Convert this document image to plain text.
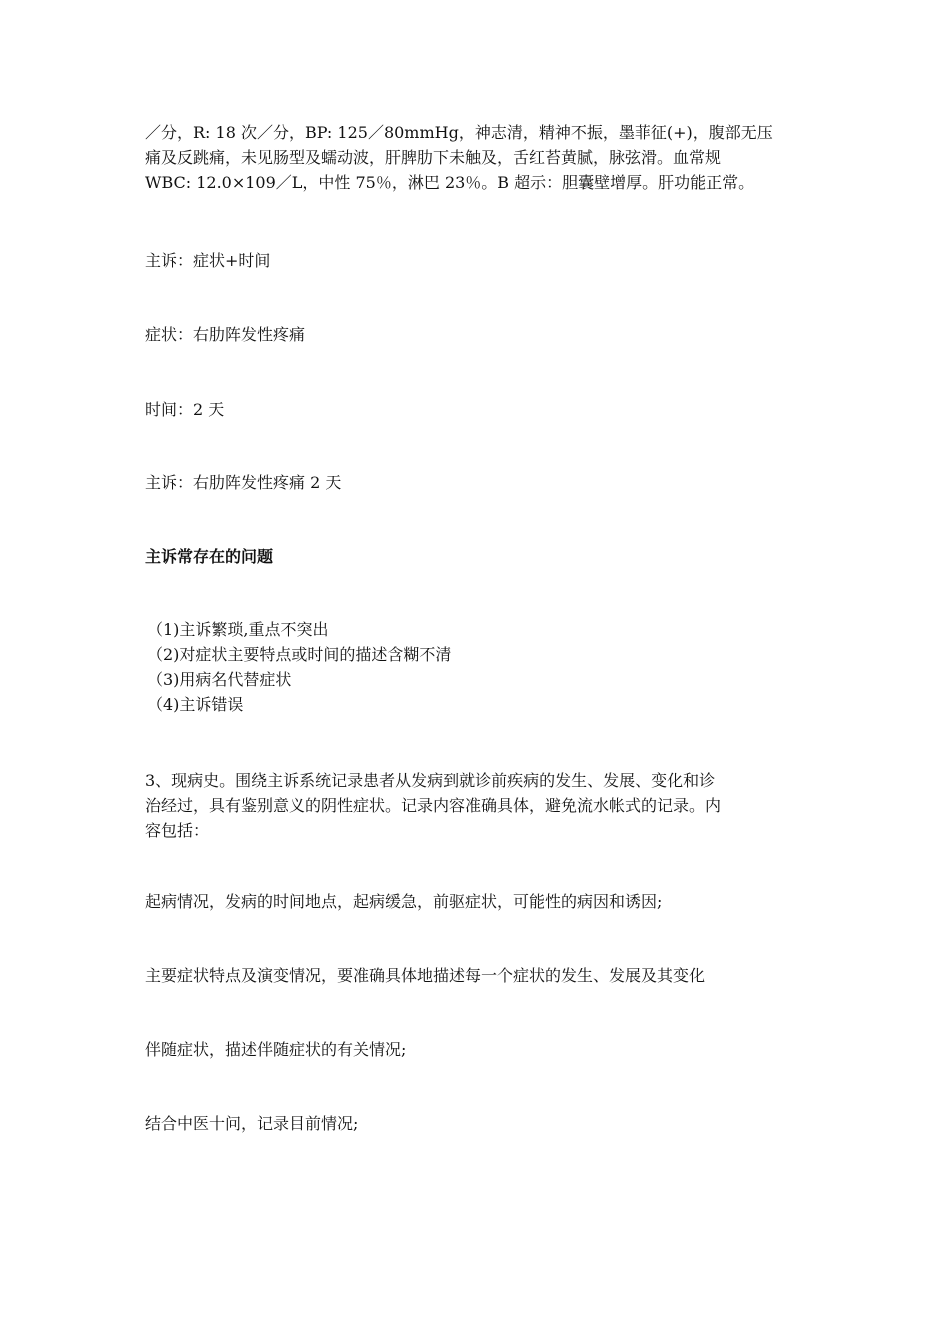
／分，R: 18 次／分，BP: 125／80mmHg，神志清，精神不振，墨菲征(+)，腹部无压
痛及反跳痛，未见肠型及蠕动波，肝脾肋下未触及，舌红苔黄腻，脉弦滑。血常规
WBC: 12.0×109／L，中性 75％，淋巴 23％。B 超示：胆囊壁增厚。肝功能正常。
主诉：症状+时间
症状：右肋阵发性疼痛
时间：2 天
主诉：右肋阵发性疼痛 2 天
主诉常存在的问题
（1)主诉繁琐,重点不突出
（2)对症状主要特点或时间的描述含糊不清
（3)用病名代替症状
（4)主诉错误
3、现病史。围绕主诉系统记录患者从发病到就诊前疾病的发生、发展、变化和诊
治经过，具有鉴别意义的阴性症状。记录内容准确具体，避免流水帐式的记录。内
容包括：
起病情况，发病的时间地点，起病缓急，前驱症状，可能性的病因和诱因;
主要症状特点及演变情况，要准确具体地描述每一个症状的发生、发展及其变化
伴随症状，描述伴随症状的有关情况;
结合中医十问，记录目前情况;
